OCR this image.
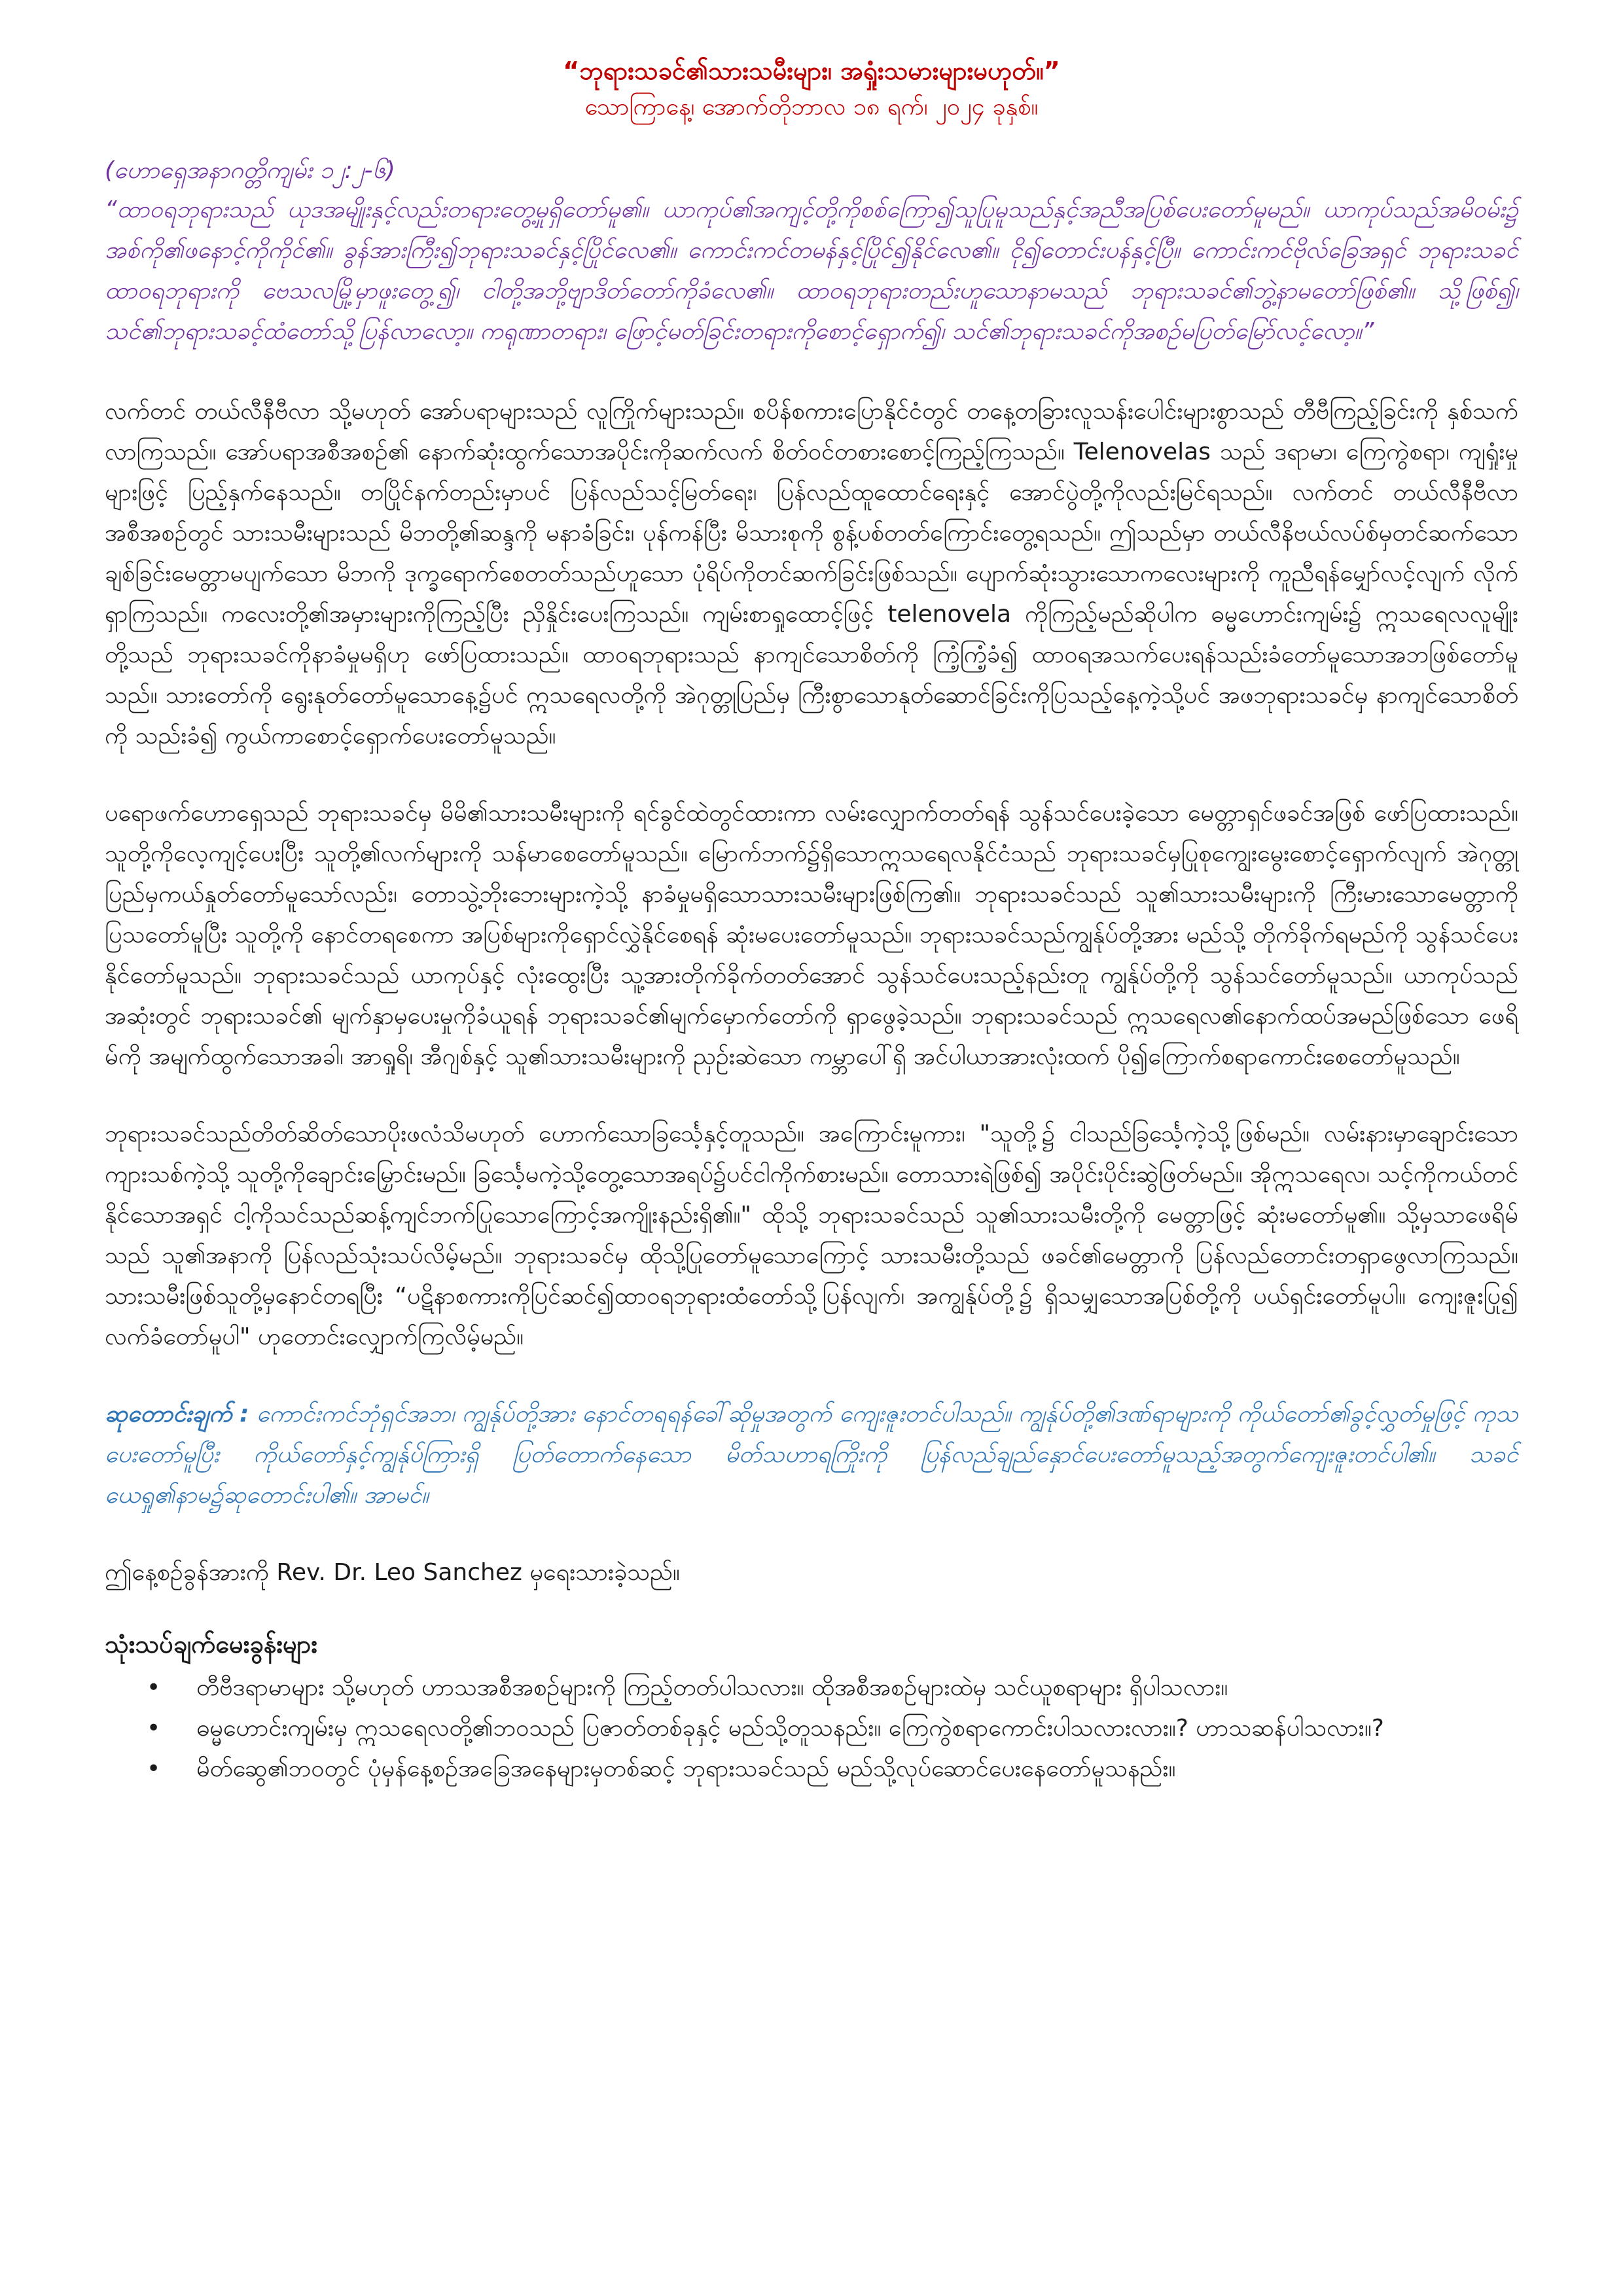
“ဘုရားသခင်၏သားသမီးများ၊ အရှုံးသမားများမဟုတ်။”

သောကြာနေ့၊ အောက်တိုဘာလ ၁၈ ရက်၊ ၂၀၂၄ ခုနှစ်။

(ဟောရှေအနာဂတ္တိကျမ်း ၁၂:၂-၆)

“ထာဝရဘုရားသည် ယုဒအမျိုးနှင့်လည်းတရားတွေ့မှုရှိတော်မူ၏။ ယာကုပ်၏အကျင့်တို့ကိုစစ်ကြော၍သူပြုမူသည်နှင့်အညီအပြစ်ပေးတော်မူမည်။ ယာကုပ်သည်အမိဝမ်း၌ အစ်ကို၏ဖနောင့်ကိုကိုင်၏။ ခွန်အားကြီး၍ဘုရားသခင်နှင့်ပြိုင်လေ၏။ ကောင်းကင်တမန်နှင့်ပြိုင်၍နိုင်လေ၏။ ငို၍တောင်းပန်နှင့်ပြီ။ ကောင်းကင်ဗိုလ်ခြေအရှင် ဘုရားသခင်ထာဝရဘုရားကို ဗေသလမြို့မှာဖူးတွေ့၍၊ ငါတို့အဘို့ဗျာဒိတ်တော်ကိုခံလေ၏။ ထာဝရဘုရားတည်းဟူသောနာမသည် ဘုရားသခင်၏ဘွဲ့နာမတော်ဖြစ်၏။ သို့ဖြစ်၍၊ သင်၏ဘုရားသခင့်ထံတော်သို့ပြန်လာလော့။ ကရုဏာတရား၊ ဖြောင့်မတ်ခြင်းတရားကိုစောင့်ရှောက်၍၊ သင်၏ဘုရားသခင်ကိုအစဉ်မပြတ်မြော်လင့်လော့။”

လက်တင် တယ်လီနီဗီလာ သို့မဟုတ် အော်ပရာများသည် လူကြိုက်များသည်။ စပိန်စကားပြောနိုင်ငံတွင် တနေ့တခြားလူသန်းပေါင်းများစွာသည် တီဗီကြည့်ခြင်းကို နှစ်သက်လာကြသည်။ အော်ပရာအစီအစဉ်၏ နောက်ဆုံးထွက်သောအပိုင်းကိုဆက်လက် စိတ်ဝင်တစားစောင့်ကြည့်ကြသည်။ Telenovelas သည် ဒရာမာ၊ ကြေကွဲစရာ၊ ကျရှုံးမှုများဖြင့် ပြည့်နှက်နေသည်။ တပြိုင်နက်တည်းမှာပင် ပြန်လည်သင့်မြတ်ရေး၊ ပြန်လည်ထူထောင်ရေးနှင့် အောင်ပွဲတို့ကိုလည်းမြင်ရသည်။ လက်တင် တယ်လီနီဗီလာ အစီအစဉ်တွင် သားသမီးများသည် မိဘတို့၏ဆန္ဒကို မနာခံခြင်း၊ ပုန်ကန်ပြီး မိသားစုကို စွန့်ပစ်တတ်ကြောင်းတွေ့ရသည်။ ဤသည်မှာ တယ်လီနိဗယ်လပ်စ်မှတင်ဆက်သော ချစ်ခြင်းမေတ္တာမပျက်သော မိဘကို ဒုက္ခရောက်စေတတ်သည်ဟူသော ပုံရိပ်ကိုတင်ဆက်ခြင်းဖြစ်သည်။ ပျောက်ဆုံးသွားသောကလေးများကို ကူညီရန်မျှော်လင့်လျက် လိုက်ရှာကြသည်။ ကလေးတို့၏အမှားများကိုကြည့်ပြီး ညှိနှိုင်းပေးကြသည်။ ကျမ်းစာရှုထောင့်ဖြင့် telenovela ကိုကြည့်မည်ဆိုပါက ဓမ္မဟောင်းကျမ်း၌ ဣသရေလလူမျိုးတို့သည် ဘုရားသခင်ကိုနာခံမှုမရှိဟု ဖော်ပြထားသည်။ ထာဝရဘုရားသည် နာကျင်သောစိတ်ကို ကြံ့ကြံ့ခံ၍ ထာဝရအသက်ပေးရန်သည်းခံတော်မူသောအဘဖြစ်တော်မူသည်။ သားတော်ကို ရွေးနုတ်တော်မူသောနေ့၌ပင် ဣသရေလတို့ကို အဲဂုတ္တုပြည်မှ ကြီးစွာသောနုတ်ဆောင်ခြင်းကိုပြသည့်နေ့ကဲ့သို့ပင် အဖဘုရားသခင်မှ နာကျင်သောစိတ်ကို သည်းခံ၍ ကွယ်ကာစောင့်ရှောက်ပေးတော်မူသည်။

ပရောဖက်ဟောရှေသည် ဘုရားသခင်မှ မိမိ၏သားသမီးများကို ရင်ခွင်ထဲတွင်ထားကာ လမ်းလျှောက်တတ်ရန် သွန်သင်ပေးခဲ့သော မေတ္တာရှင်ဖခင်အဖြစ် ဖော်ပြထားသည်။ သူတို့ကိုလေ့ကျင့်ပေးပြီး သူတို့၏လက်များကို သန်မာစေတော်မူသည်။ မြောက်ဘက်၌ရှိသောဣသရေလနိုင်ငံသည် ဘုရားသခင်မှပြုစုကျွေးမွေးစောင့်ရှောက်လျက် အဲဂုတ္တုပြည်မှကယ်နှုတ်တော်မူသော်လည်း၊ တောသွဲ့ဘိုးဘေးများကဲ့သို့ နာခံမှုမရှိသောသားသမီးများဖြစ်ကြ၏။ ဘုရားသခင်သည် သူ၏သားသမီးများကို ကြီးမားသောမေတ္တာကိုပြသတော်မူပြီး သူတို့ကို နောင်တရစေကာ အပြစ်များကိုရှောင်လွှဲနိုင်စေရန် ဆုံးမပေးတော်မူသည်။ ဘုရားသခင်သည်ကျွန်ုပ်တို့အား မည်သို့ တိုက်ခိုက်ရမည်ကို သွန်သင်ပေးနိုင်တော်မူသည်။ ဘုရားသခင်သည် ယာကုပ်နှင့် လုံးထွေးပြီး သူ့အားတိုက်ခိုက်တတ်အောင် သွန်သင်ပေးသည့်နည်းတူ ကျွန်ုပ်တို့ကို သွန်သင်တော်မူသည်။ ယာကုပ်သည် အဆုံးတွင် ဘုရားသခင်၏ မျက်နှာမှပေးမှုကိုခံယူရန် ဘုရားသခင်၏မျက်မှောက်တော်ကို ရှာဖွေခဲ့သည်။ ဘုရားသခင်သည် ဣသရေလ၏နောက်ထပ်အမည်ဖြစ်သော ဖေရိမ်ကို အမျက်ထွက်သောအခါ၊ အာရှုရိ၊ အီဂျစ်နှင့် သူ၏သားသမီးများကို ညှဉ်းဆဲသော ကမ္ဘာပေါ်ရှိ အင်ပါယာအားလုံးထက် ပို၍ကြောက်စရာကောင်းစေတော်မူသည်။

ဘုရားသခင်သည်တိတ်ဆိတ်သောပိုးဖလံသိမဟုတ် ဟောက်သောခြင်္သေ့နှင့်တူသည်။ အကြောင်းမူကား၊ "သူတို့၌ ငါသည်ခြင်္သေ့ကဲ့သို့ဖြစ်မည်။ လမ်းနားမှာချောင်းသောကျားသစ်ကဲ့သို့ သူတို့ကိုချောင်းမြှောင်းမည်။ ခြင်္သေ့မကဲ့သို့တွေ့သောအရပ်၌ပင်ငါကိုက်စားမည်။ တောသားရဲဖြစ်၍ အပိုင်းပိုင်းဆွဲဖြတ်မည်။ အိုဣသရေလ၊ သင့်ကိုကယ်တင်နိုင်သောအရှင် ငါ့ကိုသင်သည်ဆန့်ကျင်ဘက်ပြုသောကြောင့်အကျိုးနည်းရှိ၏။" ထိုသို့ ဘုရားသခင်သည် သူ၏သားသမီးတို့ကို မေတ္တာဖြင့် ဆုံးမတော်မူ၏။ သို့မှသာဖေရိမ်သည် သူ၏အနာကို ပြန်လည်သုံးသပ်လိမ့်မည်။ ဘုရားသခင်မှ ထိုသို့ပြုတော်မူသောကြောင့် သားသမီးတို့သည် ဖခင်၏မေတ္တာကို ပြန်လည်တောင်းတရှာဖွေလာကြသည်။ သားသမီးဖြစ်သူတို့မှနောင်တရပြီး “ပဋိနာစကားကိုပြင်ဆင်၍ထာဝရဘုရားထံတော်သို့ပြန်လျက်၊ အကျွန်ုပ်တို့၌ ရှိသမျှသောအပြစ်တို့ကို ပယ်ရှင်းတော်မူပါ။ ကျေးဇူးပြု၍ လက်ခံတော်မူပါ" ဟုတောင်းလျှောက်ကြလိမ့်မည်။

ဆုတောင်းချက် : ကောင်းကင်ဘုံရှင်အဘ၊ ကျွန်ုပ်တို့အား နောင်တရရန်ခေါ်ဆိုမှုအတွက် ကျေးဇူးတင်ပါသည်။ ကျွန်ုပ်တို့၏ဒဏ်ရာများကို ကိုယ်တော်၏ခွင့်လွှတ်မှုဖြင့် ကုသပေးတော်မူပြီး ကိုယ်တော်နှင့်ကျွန်ုပ်ကြားရှိ ပြတ်တောက်နေသော မိတ်သဟာရကြိုးကို ပြန်လည်ချည်နှောင်ပေးတော်မူသည့်အတွက်ကျေးဇူးတင်ပါ၏။ သခင်ယေရှု၏နာမ၌ဆုတောင်းပါ၏။ အာမင်။

ဤနေ့စဉ်ခွန်အားကို Rev. Dr. Leo Sanchez မှရေးသားခဲ့သည်။

သုံးသပ်ချက်မေးခွန်းများ

• တီဗီဒရာမာများ သို့မဟုတ် ဟာသအစီအစဉ်များကို ကြည့်တတ်ပါသလား။ ထိုအစီအစဉ်များထဲမှ သင်ယူစရာများ ရှိပါသလား။
• ဓမ္မဟောင်းကျမ်းမှ ဣသရေလတို့၏ဘဝသည် ပြဇာတ်တစ်ခုနှင့် မည်သို့တူသနည်း။ ကြေကွဲစရာကောင်းပါသလားလား။? ဟာသဆန်ပါသလား။?
• မိတ်ဆွေ၏ဘဝတွင် ပုံမှန်နေ့စဉ်အခြေအနေများမှတစ်ဆင့် ဘုရားသခင်သည် မည်သို့လုပ်ဆောင်ပေးနေတော်မူသနည်း။
